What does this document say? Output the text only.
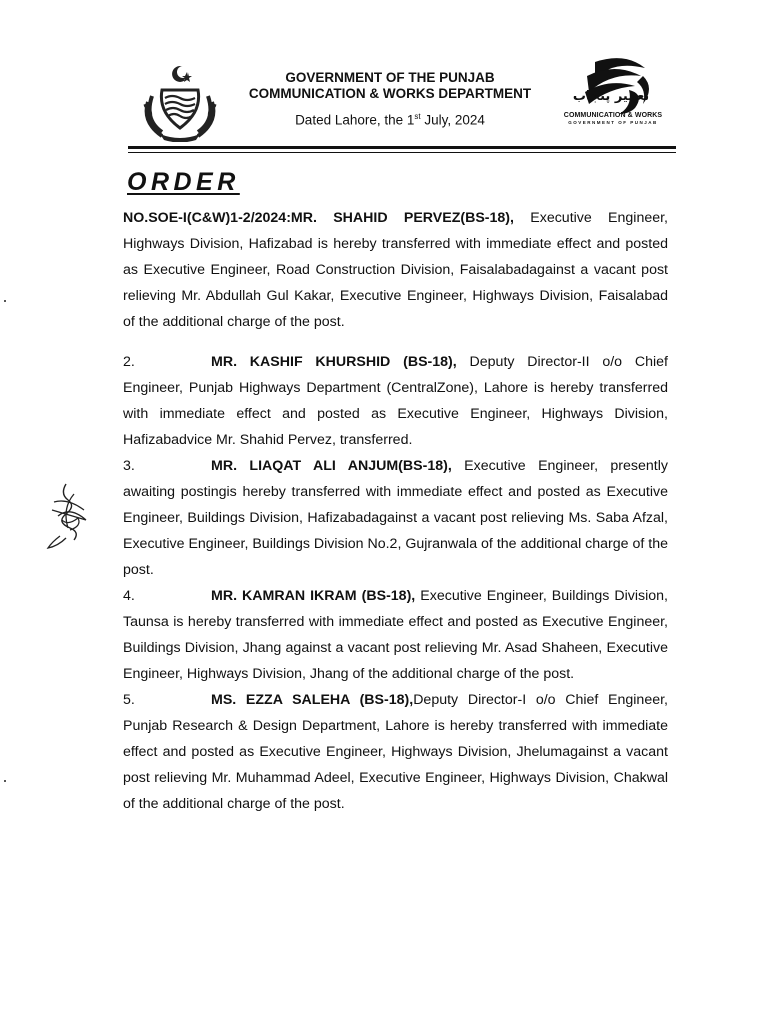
GOVERNMENT OF THE PUNJAB
COMMUNICATION & WORKS DEPARTMENT
Dated Lahore, the 1st July, 2024
تعمیر پنجاب
COMMUNICATION & WORKS
GOVERNMENT OF PUNJAB
ORDER

NO.SOE-I(C&W)1-2/2024:MR. SHAHID PERVEZ(BS-18), Executive Engineer, Highways Division, Hafizabad is hereby transferred with immediate effect and posted as Executive Engineer, Road Construction Division, Faisalabadagainst a vacant post relieving Mr. Abdullah Gul Kakar, Executive Engineer, Highways Division, Faisalabad of the additional charge of the post.

2.	MR. KASHIF KHURSHID (BS-18), Deputy Director-II o/o Chief Engineer, Punjab Highways Department (CentralZone), Lahore is hereby transferred with immediate effect and posted as Executive Engineer, Highways Division, Hafizabadvice Mr. Shahid Pervez, transferred.

3.	MR. LIAQAT ALI ANJUM(BS-18), Executive Engineer, presently awaiting postingis hereby transferred with immediate effect and posted as Executive Engineer, Buildings Division, Hafizabadagainst a vacant post relieving Ms. Saba Afzal, Executive Engineer, Buildings Division No.2, Gujranwala of the additional charge of the post.

4.	MR. KAMRAN IKRAM (BS-18), Executive Engineer, Buildings Division, Taunsa is hereby transferred with immediate effect and posted as Executive Engineer, Buildings Division, Jhang against a vacant post relieving Mr. Asad Shaheen, Executive Engineer, Highways Division, Jhang of the additional charge of the post.

5.	MS. EZZA SALEHA (BS-18),Deputy Director-I o/o Chief Engineer, Punjab Research & Design Department, Lahore is hereby transferred with immediate effect and posted as Executive Engineer, Highways Division, Jhelumagainst a vacant post relieving Mr. Muhammad Adeel, Executive Engineer, Highways Division, Chakwal of the additional charge of the post.
